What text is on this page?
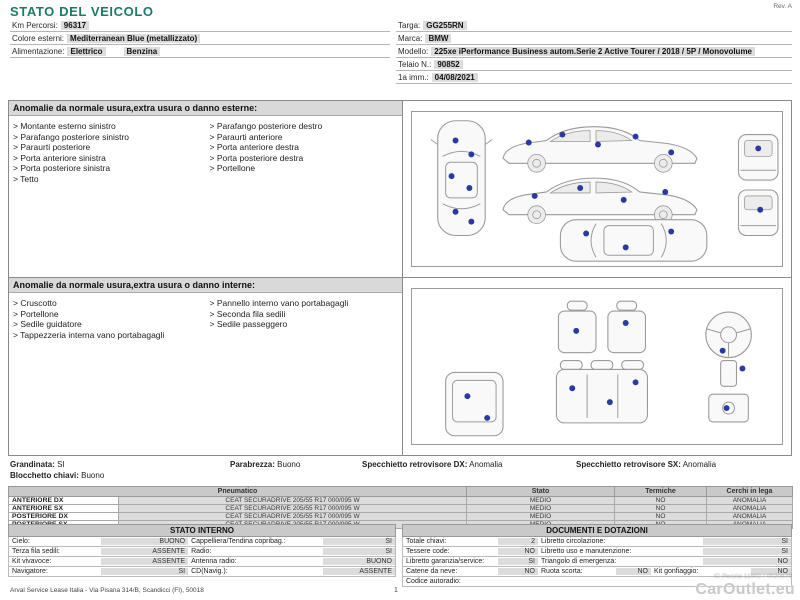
STATO DEL VEICOLO	Rev. A
Km Percorsi: 96317
Colore esterni: Mediterranean Blue (metallizzato)
Alimentazione: Elettrico	Benzina
Targa: GG255RN
Marca: BMW
Modello: 225xe iPerformance Business autom.Serie 2 Active Tourer / 2018 / 5P / Monovolume
Telaio N.: 90852
1a imm.: 04/08/2021
Anomalie da normale usura,extra usura o danno esterne:
> Montante esterno sinistro
> Parafango posteriore sinistro
> Paraurti posteriore
> Porta anteriore sinistra
> Porta posteriore sinistra
> Tetto
> Parafango posteriore destro
> Paraurti anteriore
> Porta anteriore destra
> Porta posteriore destra
> Portellone
Anomalie da normale usura,extra usura o danno interne:
> Cruscotto
> Portellone
> Sedile guidatore
> Tappezzeria interna vano portabagagli
> Pannello interno vano portabagagli
> Seconda fila sedili
> Sedile passeggero
Grandinata: SI	Parabrezza: Buono	Specchietto retrovisore DX: Anomalia	Specchietto retrovisore SX: Anomalia
Blocchetto chiavi: Buono
Pneumatico		Stato	Termiche	Cerchi in lega
ANTERIORE DX	CEAT SECURADRIVE 205/55 R17 000/095 W	MEDIO	NO	ANOMALIA
ANTERIORE SX	CEAT SECURADRIVE 205/55 R17 000/095 W	MEDIO	NO	ANOMALIA
POSTERIORE DX	CEAT SECURADRIVE 205/55 R17 000/095 W	MEDIO	NO	ANOMALIA

STATO INTERNO
Cielo:	BUONO Cappelliera/Tendina copribag.:	SI
Terza fila sedili:	ASSENTE Radio:	SI
Kit vivavoce:	ASSENTE Antenna radio:	BUONO
Navigatore:	SI CD(Navig.):	ASSENTE
DOCUMENTI E DOTAZIONI
Totale chiavi:	2 Libretto circolazione:	SI
Tessere code:	NO Libretto uso e manutenzione:	SI
Libretto garanzia/service:	SI Triangolo di emergenza:	NO
Catene da neve:	NO Ruota scorta:	NO Kit gonfiaggio:	NO
Codice autoradio:
Arval Service Lease Italia - Via Pisana 314/B, Scandicci (FI), 50018	1
ID Perizia 11502 / 0020879
CarOutlet.eu
